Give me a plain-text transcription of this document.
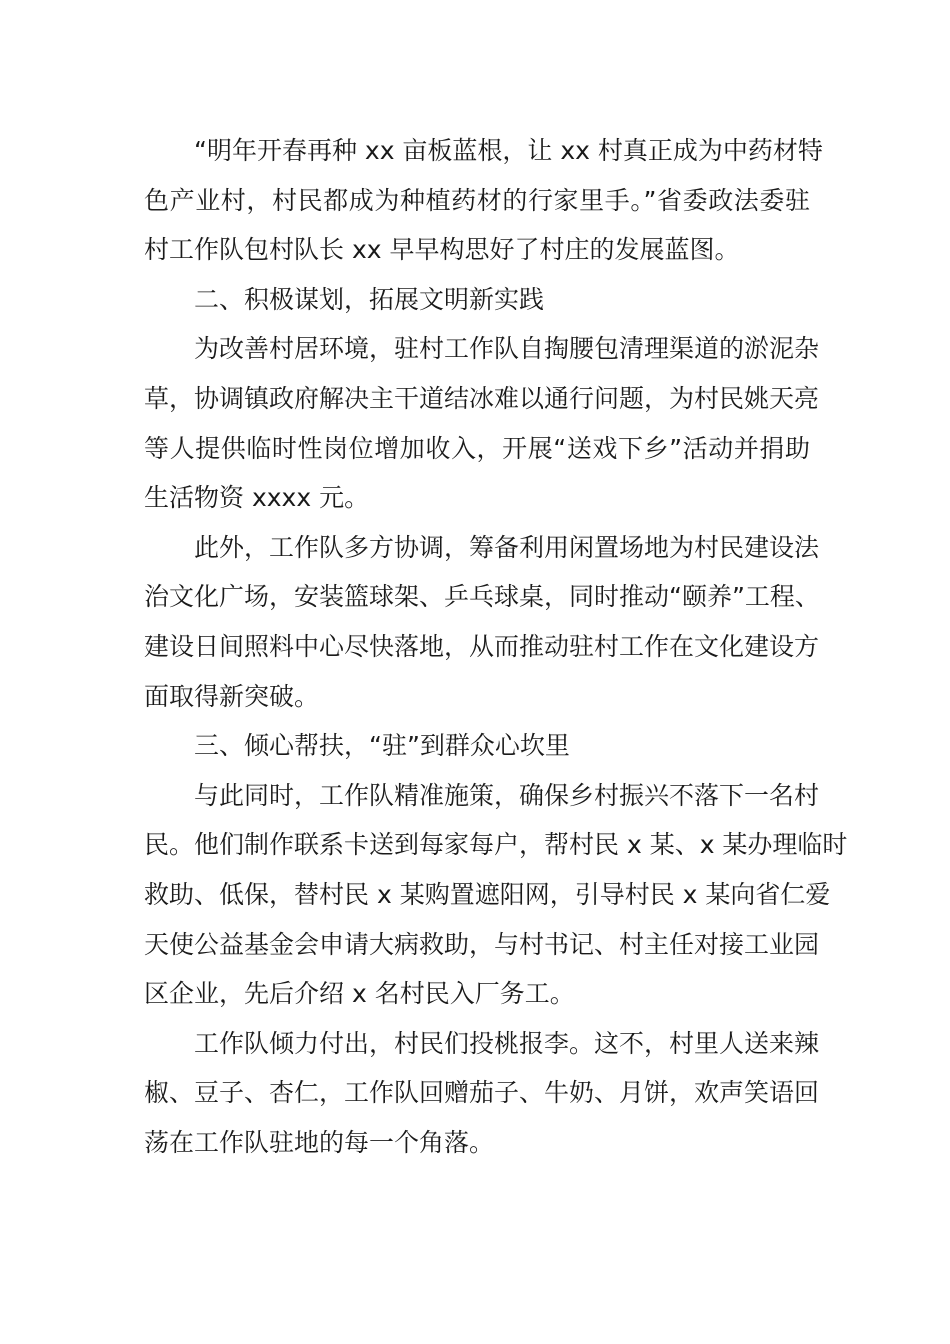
“明年开春再种 xx 亩板蓝根，让 xx 村真正成为中药材特
色产业村，村民都成为种植药材的行家里手。”省委政法委驻
村工作队包村队长 xx 早早构思好了村庄的发展蓝图。
二、积极谋划，拓展文明新实践
为改善村居环境，驻村工作队自掏腰包清理渠道的淤泥杂
草，协调镇政府解决主干道结冰难以通行问题，为村民姚天亮
等人提供临时性岗位增加收入，开展“送戏下乡”活动并捐助
生活物资 xxxx 元。
此外，工作队多方协调，筹备利用闲置场地为村民建设法
治文化广场，安装篮球架、乒乓球桌，同时推动“颐养”工程、
建设日间照料中心尽快落地，从而推动驻村工作在文化建设方
面取得新突破。
三、倾心帮扶，“驻”到群众心坎里
与此同时，工作队精准施策，确保乡村振兴不落下一名村
民。他们制作联系卡送到每家每户，帮村民 x 某、x 某办理临时
救助、低保，替村民 x 某购置遮阳网，引导村民 x 某向省仁爱
天使公益基金会申请大病救助，与村书记、村主任对接工业园
区企业，先后介绍 x 名村民入厂务工。
工作队倾力付出，村民们投桃报李。这不，村里人送来辣
椒、豆子、杏仁，工作队回赠茄子、牛奶、月饼，欢声笑语回
荡在工作队驻地的每一个角落。
